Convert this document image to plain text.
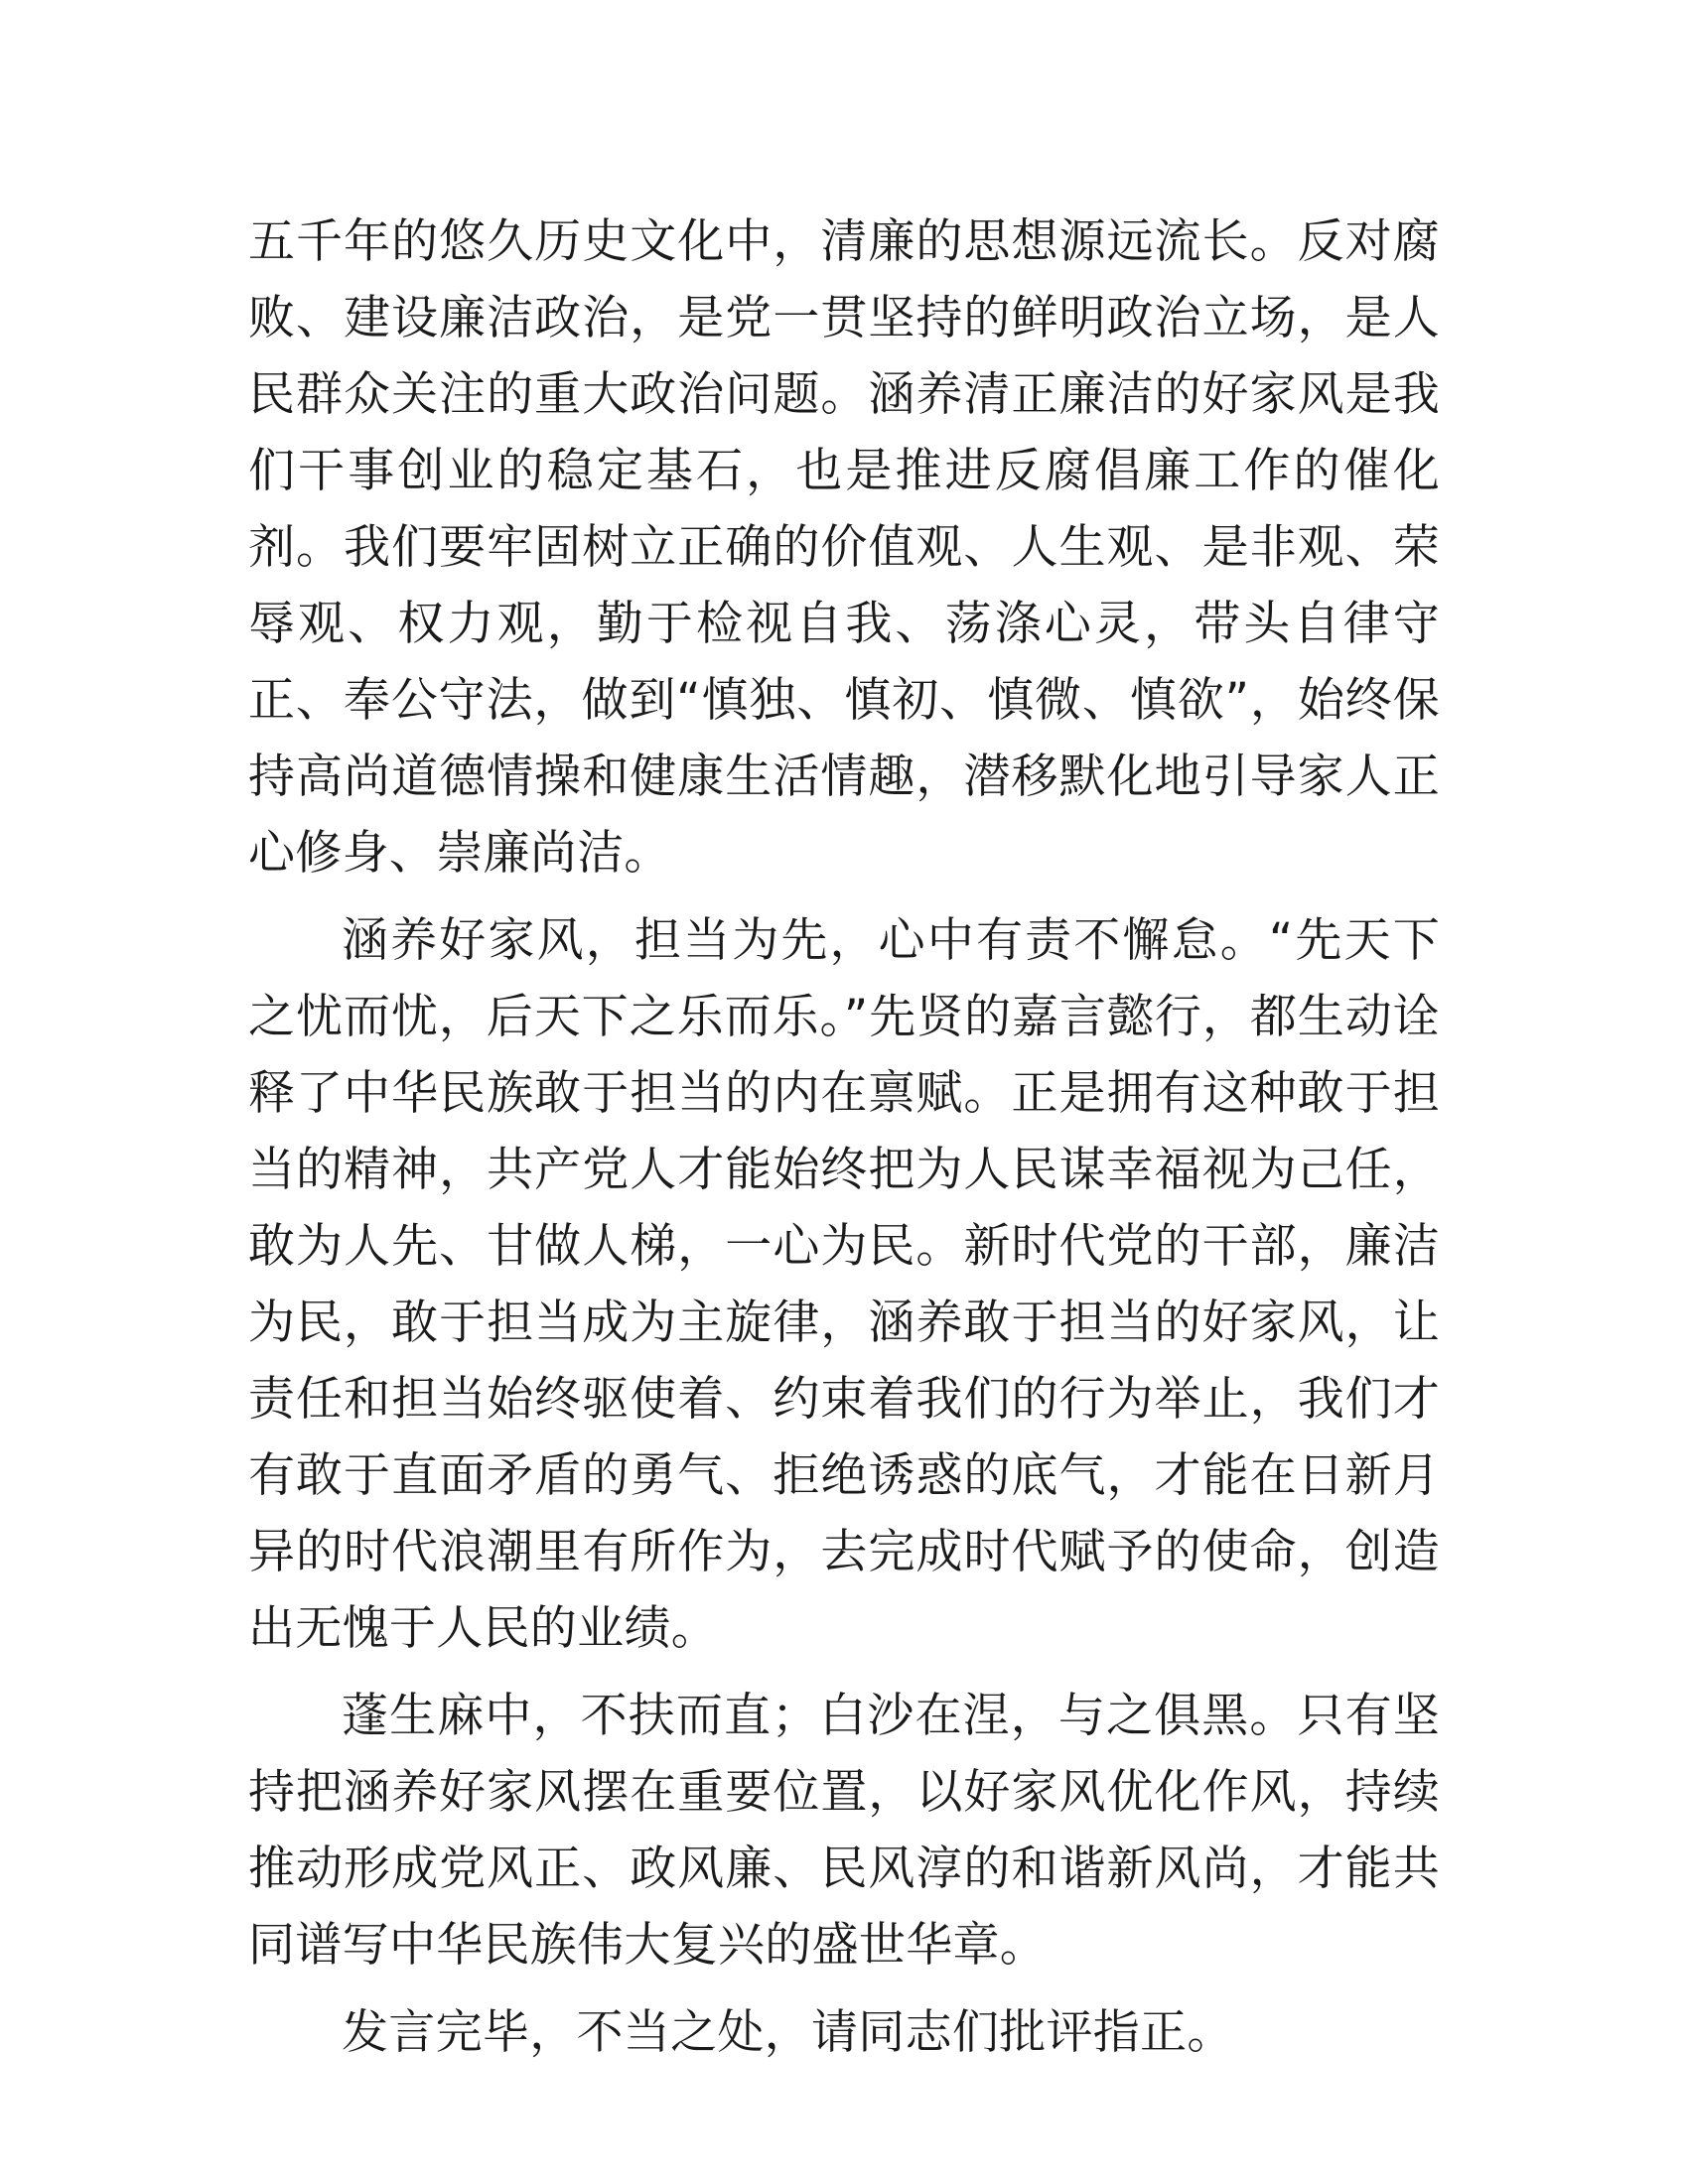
五千年的悠久历史文化中，清廉的思想源远流长。反对腐败、建设廉洁政治，是党一贯坚持的鲜明政治立场，是人民群众关注的重大政治问题。涵养清正廉洁的好家风是我们干事创业的稳定基石，也是推进反腐倡廉工作的催化剂。我们要牢固树立正确的价值观、人生观、是非观、荣辱观、权力观，勤于检视自我、荡涤心灵，带头自律守正、奉公守法，做到“慎独、慎初、慎微、慎欲”，始终保持高尚道德情操和健康生活情趣，潜移默化地引导家人正心修身、崇廉尚洁。

涵养好家风，担当为先，心中有责不懈怠。“先天下之忧而忧，后天下之乐而乐。”先贤的嘉言懿行，都生动诠释了中华民族敢于担当的内在禀赋。正是拥有这种敢于担当的精神，共产党人才能始终把为人民谋幸福视为己任，敢为人先、甘做人梯，一心为民。新时代党的干部，廉洁为民，敢于担当成为主旋律，涵养敢于担当的好家风，让责任和担当始终驱使着、约束着我们的行为举止，我们才有敢于直面矛盾的勇气、拒绝诱惑的底气，才能在日新月异的时代浪潮里有所作为，去完成时代赋予的使命，创造出无愧于人民的业绩。

蓬生麻中，不扶而直；白沙在涅，与之俱黑。只有坚持把涵养好家风摆在重要位置，以好家风优化作风，持续推动形成党风正、政风廉、民风淳的和谐新风尚，才能共同谱写中华民族伟大复兴的盛世华章。

发言完毕，不当之处，请同志们批评指正。
